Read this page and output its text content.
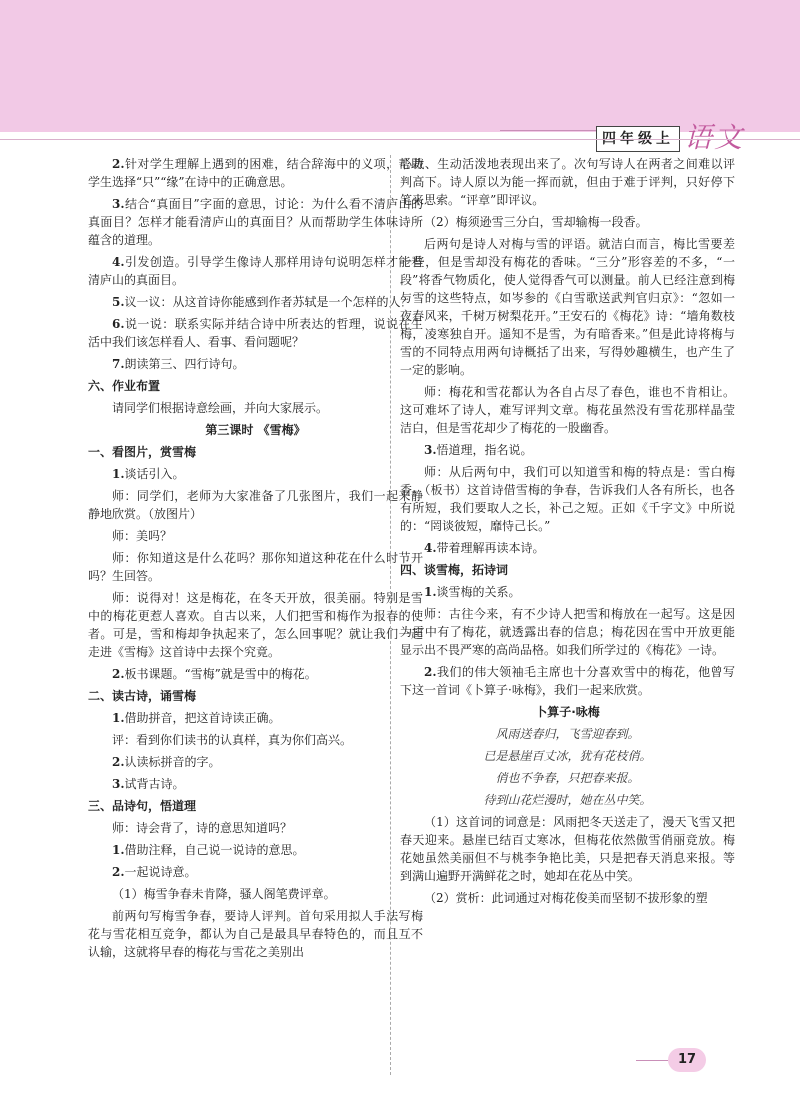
四年级上 语文

2.针对学生理解上遇到的困难，结合辞海中的义项，帮助学生选择“只”“缘”在诗中的正确意思。

3.结合“真面目”字面的意思，讨论：为什么看不清庐山的真面目？怎样才能看清庐山的真面目？从而帮助学生体味诗所蕴含的道理。

4.引发创造。引导学生像诗人那样用诗句说明怎样才能看清庐山的真面目。

5.议一议：从这首诗你能感到作者苏轼是一个怎样的人？

6.说一说：联系实际并结合诗中所表达的哲理，说说在生活中我们该怎样看人、看事、看问题呢？

7.朗读第三、四行诗句。

六、作业布置

请同学们根据诗意绘画，并向大家展示。

第三课时 《雪梅》

一、看图片，赏雪梅

1.谈话引入。

师：同学们，老师为大家准备了几张图片，我们一起来静静地欣赏。（放图片）

师：美吗？

师：你知道这是什么花吗？那你知道这种花在什么时节开吗？生回答。

师：说得对！这是梅花，在冬天开放，很美丽。特别是雪中的梅花更惹人喜欢。自古以来，人们把雪和梅作为报春的使者。可是，雪和梅却争执起来了，怎么回事呢？就让我们一起走进《雪梅》这首诗中去探个究竟。

2.板书课题。“雪梅”就是雪中的梅花。

二、读古诗，诵雪梅

1.借助拼音，把这首诗读正确。

评：看到你们读书的认真样，真为你们高兴。

2.认读标拼音的字。

3.试背古诗。

三、品诗句，悟道理

师：诗会背了，诗的意思知道吗？

1.借助注释，自己说一说诗的意思。

2.一起说诗意。

（1）梅雪争春未肯降，骚人阁笔费评章。

前两句写梅雪争春，要诗人评判。首句采用拟人手法写梅花与雪花相互竞争，都认为自己是最具早春特色的，而且互不认输，这就将早春的梅花与雪花之美别出

心裁、生动活泼地表现出来了。次句写诗人在两者之间难以评判高下。诗人原以为能一挥而就，但由于难于评判，只好停下笔来思索。“评章”即评议。

（2）梅须逊雪三分白，雪却输梅一段香。

后两句是诗人对梅与雪的评语。就洁白而言，梅比雪要差一些，但是雪却没有梅花的香味。“三分”形容差的不多，“一段”将香气物质化，使人觉得香气可以测量。前人已经注意到梅与雪的这些特点，如岑参的《白雪歌送武判官归京》：“忽如一夜春风来，千树万树梨花开。”王安石的《梅花》诗：“墙角数枝梅，凌寒独自开。遥知不是雪，为有暗香来。”但是此诗将梅与雪的不同特点用两句诗概括了出来，写得妙趣横生，也产生了一定的影响。

师：梅花和雪花都认为各自占尽了春色，谁也不肯相让。这可难坏了诗人，难写评判文章。梅花虽然没有雪花那样晶莹洁白，但是雪花却少了梅花的一股幽香。

3.悟道理，指名说。

师：从后两句中，我们可以知道雪和梅的特点是：雪白梅香。（板书）这首诗借雪梅的争春，告诉我们人各有所长，也各有所短，我们要取人之长，补己之短。正如《千字文》中所说的：“罔谈彼短，靡恃己长。”

4.带着理解再读本诗。

四、谈雪梅，拓诗词

1.谈雪梅的关系。

师：古往今来，有不少诗人把雪和梅放在一起写。这是因为雪中有了梅花，就透露出春的信息；梅花因在雪中开放更能显示出不畏严寒的高尚品格。如我们所学过的《梅花》一诗。

2.我们的伟大领袖毛主席也十分喜欢雪中的梅花，他曾写下这一首词《卜算子·咏梅》，我们一起来欣赏。

卜算子·咏梅

风雨送春归，飞雪迎春到。

已是悬崖百丈冰，犹有花枝俏。

俏也不争春，只把春来报。

待到山花烂漫时，她在丛中笑。

（1）这首词的词意是：风雨把冬天送走了，漫天飞雪又把春天迎来。悬崖已结百丈寒冰，但梅花依然傲雪俏丽竞放。梅花她虽然美丽但不与桃李争艳比美，只是把春天消息来报。等到满山遍野开满鲜花之时，她却在花丛中笑。

（2）赏析：此词通过对梅花俊美而坚韧不拔形象的塑

17
